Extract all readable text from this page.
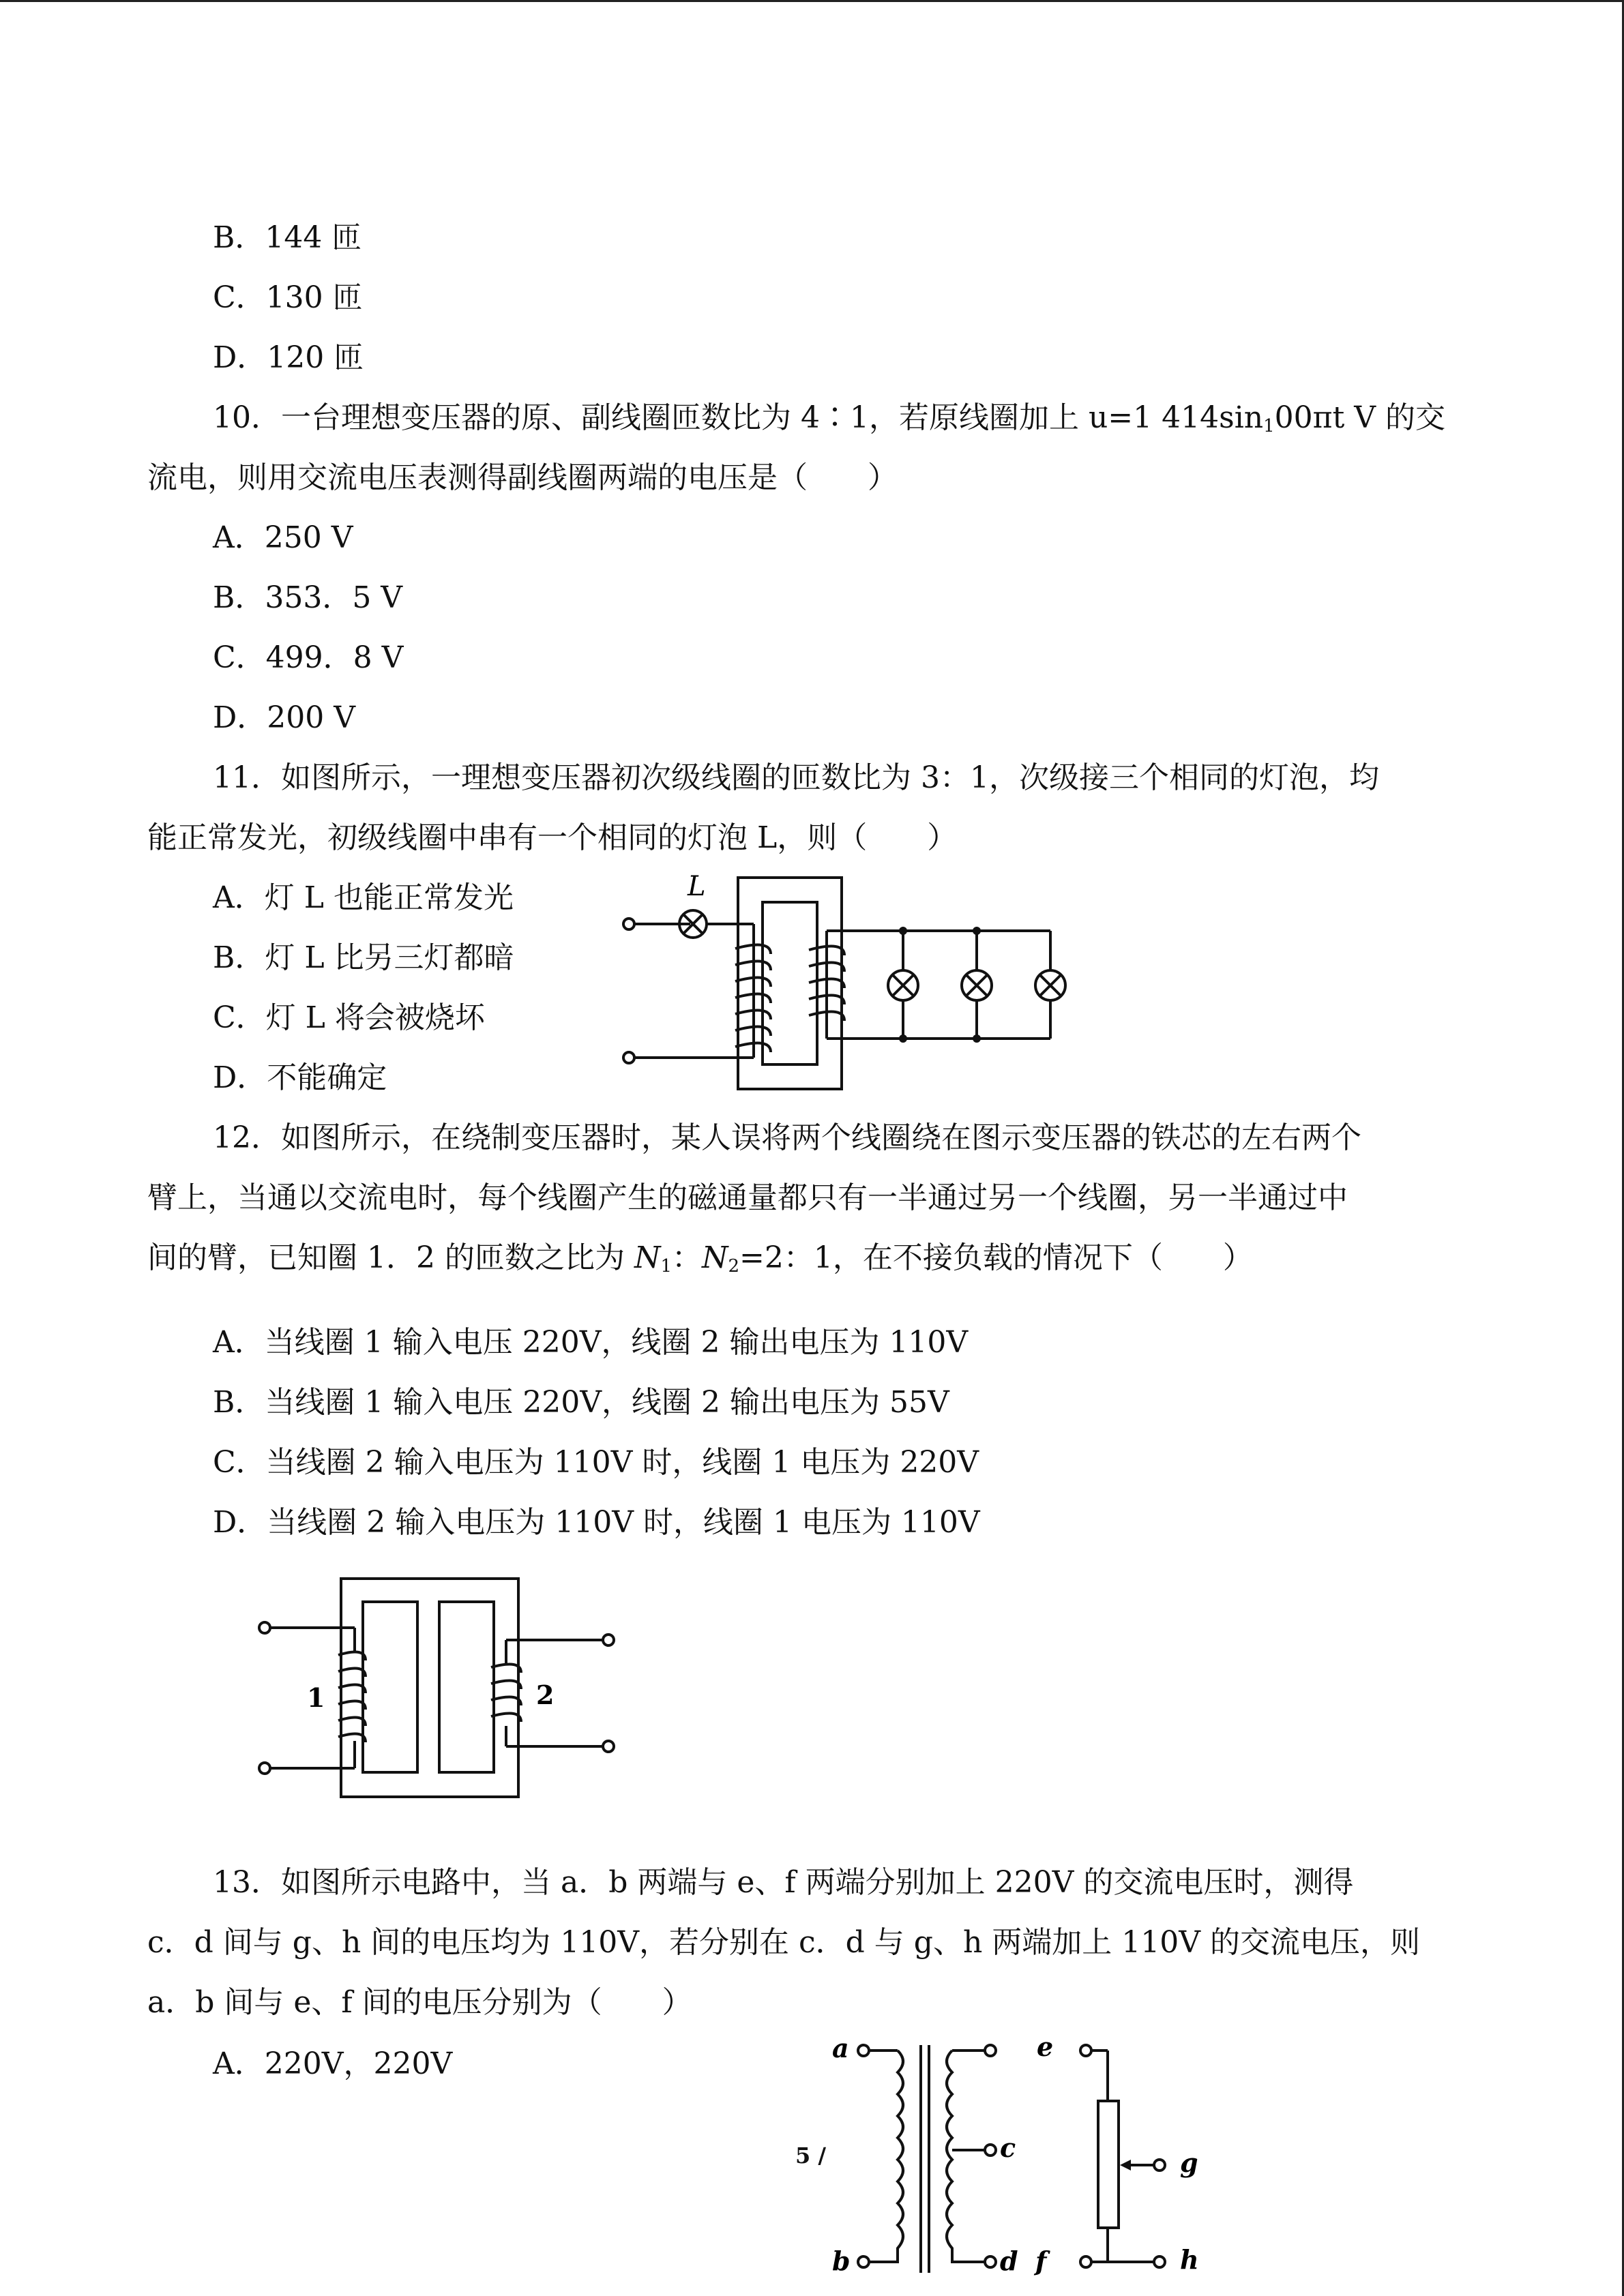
B．144 匝
C．130 匝
D．120 匝
10．一台理想变压器的原、副线圈匝数比为 4∶1，若原线圈加上 u=1 $414\sin_100\pi t$ V 的交
流电，则用交流电压表测得副线圈两端的电压是（　　）
A．250 V
B．353．5 V
C．499．8 V
D．200 V
11．如图所示，一理想变压器初次级线圈的匝数比为 3：1，次级接三个相同的灯泡，均
能正常发光，初级线圈中串有一个相同的灯泡 L，则（　　）
A．灯 L 也能正常发光
B．灯 L 比另三灯都暗
C．灯 L 将会被烧坏
D．不能确定
L
12．如图所示，在绕制变压器时，某人误将两个线圈绕在图示变压器的铁芯的左右两个
臂上，当通以交流电时，每个线圈产生的磁通量都只有一半通过另一个线圈，另一半通过中
间的臂，已知圈 1．2 的匝数之比为 $N_1$：$N_2=2$：1，在不接负载的情况下（　　）
A．当线圈 1 输入电压 220V，线圈 2 输出电压为 110V
B．当线圈 1 输入电压 220V，线圈 2 输出电压为 55V
C．当线圈 2 输入电压为 110V 时，线圈 1 电压为 220V
D．当线圈 2 输入电压为 110V 时，线圈 1 电压为 110V
1	2
13．如图所示电路中，当 a．b 两端与 e、f 两端分别加上 220V 的交流电压时，测得
c．d 间与 g、h 间的电压均为 110V，若分别在 c．d 与 g、h 两端加上 110V 的交流电压，则
a．b 间与 e、f 间的电压分别为（　　）
A．220V，220V
5 /
a
b
c
d
e
f
g
h
